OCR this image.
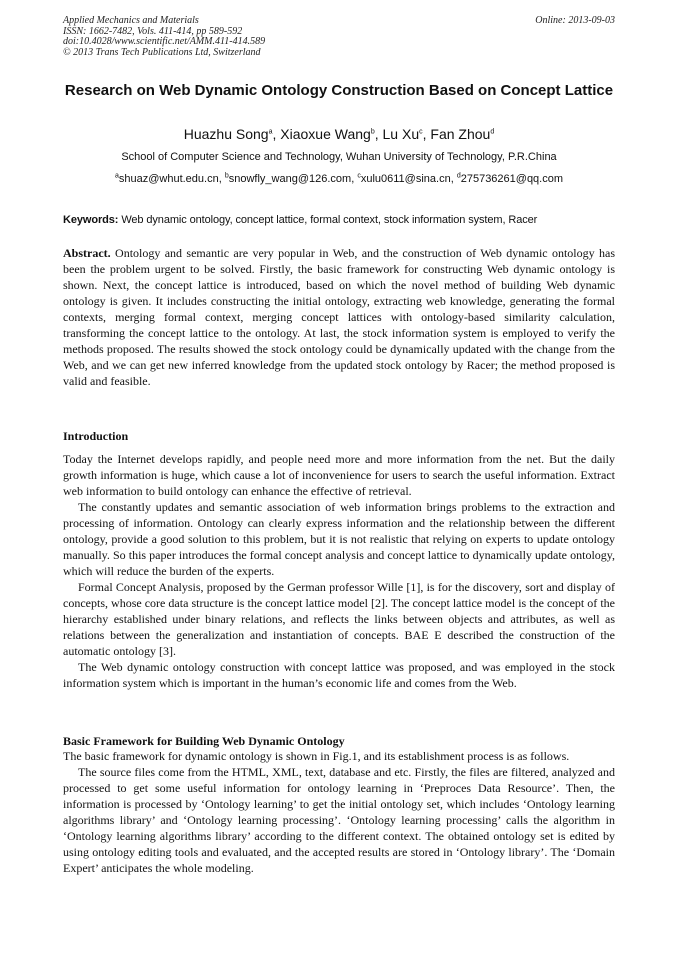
Applied Mechanics and Materials	Online: 2013-09-03
ISSN: 1662-7482, Vols. 411-414, pp 589-592
doi:10.4028/www.scientific.net/AMM.411-414.589
© 2013 Trans Tech Publications Ltd, Switzerland
Research on Web Dynamic Ontology Construction Based on Concept Lattice
Huazhu Song$^a$, Xiaoxue Wang$^b$, Lu Xu$^c$, Fan Zhou$^d$
School of Computer Science and Technology, Wuhan University of Technology, P.R.China
$^a$shuaz@whut.edu.cn, $^b$snowfly_wang@126.com, $^c$xulu0611@sina.cn, $^d$275736261@qq.com
Keywords: Web dynamic ontology, concept lattice, formal context, stock information system, Racer

Abstract. Ontology and semantic are very popular in Web, and the construction of Web dynamic ontology has been the problem urgent to be solved. Firstly, the basic framework for constructing Web dynamic ontology is shown. Next, the concept lattice is introduced, based on which the novel method of building Web dynamic ontology is given. It includes constructing the initial ontology, extracting web knowledge, generating the formal contexts, merging formal context, merging concept lattices with ontology-based similarity calculation, transforming the concept lattice to the ontology. At last, the stock information system is employed to verify the methods proposed. The results showed the stock ontology could be dynamically updated with the change from the Web, and we can get new inferred knowledge from the updated stock ontology by Racer; the method proposed is valid and feasible.

Introduction

Today the Internet develops rapidly, and people need more and more information from the net. But the daily growth information is huge, which cause a lot of inconvenience for users to search the useful information. Extract web information to build ontology can enhance the effective of retrieval.

The constantly updates and semantic association of web information brings problems to the extraction and processing of information. Ontology can clearly express information and the relationship between the different ontology, provide a good solution to this problem, but it is not realistic that relying on experts to update ontology manually. So this paper introduces the formal concept analysis and concept lattice to dynamically update ontology, which will reduce the burden of the experts.

Formal Concept Analysis, proposed by the German professor Wille [1], is for the discovery, sort and display of concepts, whose core data structure is the concept lattice model [2]. The concept lattice model is the concept of the hierarchy established under binary relations, and reflects the links between objects and attributes, as well as relations between the generalization and instantiation of concepts. BAE E described the construction of the automatic ontology [3].

The Web dynamic ontology construction with concept lattice was proposed, and was employed in the stock information system which is important in the human’s economic life and comes from the Web.

Basic Framework for Building Web Dynamic Ontology

The basic framework for dynamic ontology is shown in Fig.1, and its establishment process is as follows.

The source files come from the HTML, XML, text, database and etc. Firstly, the files are filtered, analyzed and processed to get some useful information for ontology learning in ‘Preproces Data Resource’. Then, the information is processed by ‘Ontology learning’ to get the initial ontology set, which includes ‘Ontology learning algorithms library’ and ‘Ontology learning processing’. ‘Ontology learning processing’ calls the algorithm in ‘Ontology learning algorithms library’ according to the different context. The obtained ontology set is edited by using ontology editing tools and evaluated, and the accepted results are stored in ‘Ontology library’. The ‘Domain Expert’ anticipates the whole modeling.
